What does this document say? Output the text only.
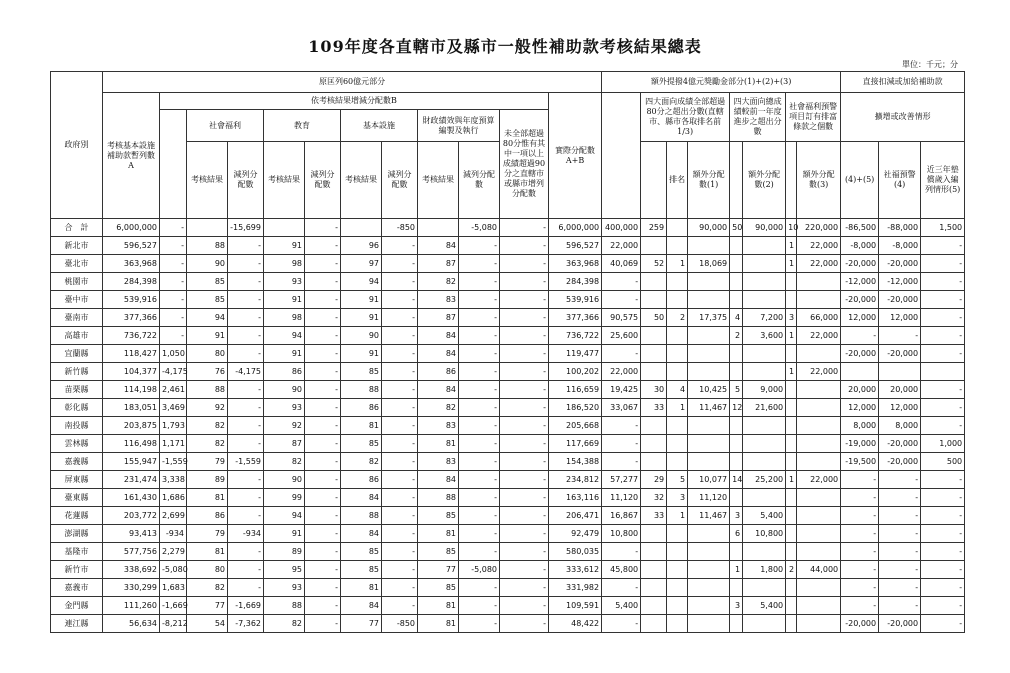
109年度各直轄市及縣市一般性補助款考核結果總表
單位：千元；分
政府別	原匡列60億元部分												額外提撥4億元獎勵金部分(1)+(2)+(3)								直接扣減或加給補助款		
	考核基本設施補助款暫列數A	依考核結果增減分配數B										實際分配數A+B		四大面向成績全部超過80分之超出分數(直轄市、縣市各取排名前1/3)			四大面向總成績較前一年度進步之超出分數		社會福利預警項目訂有排富條款之個數		擴增或改善情形		
			社會福利		教育		基本設施		財政績效與年度預算編製及執行		未全部超過80分惟有其中一項以上成績超過90分之直轄市或縣市增列分配數												
			考核結果	減列分配數	考核結果	減列分配數	考核結果	減列分配數	考核結果	減列分配數					排名	額外分配數(1)		額外分配數(2)		額外分配數(3)	(4)+(5)	社福預警(4)	近三年墊償歲入編列情形(5)
合　計	6,000,000	-		-15,699		-		-850		-5,080	-	6,000,000	400,000	259		90,000	50	90,000	10	220,000	-86,500	-88,000	1,500
新北市	596,527	-	88	-	91	-	96	-	84	-	-	596,527	22,000						1	22,000	-8,000	-8,000	-
臺北市	363,968	-	90	-	98	-	97	-	87	-	-	363,968	40,069	52	1	18,069			1	22,000	-20,000	-20,000	-
桃園市	284,398	-	85	-	93	-	94	-	82	-	-	284,398	-								-12,000	-12,000	-
臺中市	539,916	-	85	-	91	-	91	-	83	-	-	539,916	-								-20,000	-20,000	-
臺南市	377,366	-	94	-	98	-	91	-	87	-	-	377,366	90,575	50	2	17,375	4	7,200	3	66,000	12,000	12,000	-
高雄市	736,722	-	91	-	94	-	90	-	84	-	-	736,722	25,600				2	3,600	1	22,000	-	-	-
宜蘭縣	118,427	1,050	80	-	91	-	91	-	84	-	-	119,477	-								-20,000	-20,000	-
新竹縣	104,377	-4,175	76	-4,175	86	-	85	-	86	-	-	100,202	22,000						1	22,000			
苗栗縣	114,198	2,461	88	-	90	-	88	-	84	-	-	116,659	19,425	30	4	10,425	5	9,000			20,000	20,000	-
彰化縣	183,051	3,469	92	-	93	-	86	-	82	-	-	186,520	33,067	33	1	11,467	12	21,600			12,000	12,000	-
南投縣	203,875	1,793	82	-	92	-	81	-	83	-	-	205,668	-								8,000	8,000	-
雲林縣	116,498	1,171	82	-	87	-	85	-	81	-	-	117,669	-								-19,000	-20,000	1,000
嘉義縣	155,947	-1,559	79	-1,559	82	-	82	-	83	-	-	154,388	-								-19,500	-20,000	500
屏東縣	231,474	3,338	89	-	90	-	86	-	84	-	-	234,812	57,277	29	5	10,077	14	25,200	1	22,000	-	-	-
臺東縣	161,430	1,686	81	-	99	-	84	-	88	-	-	163,116	11,120	32	3	11,120					-	-	-
花蓮縣	203,772	2,699	86	-	94	-	88	-	85	-	-	206,471	16,867	33	1	11,467	3	5,400			-	-	-
澎湖縣	93,413	-934	79	-934	91	-	84	-	81	-	-	92,479	10,800				6	10,800			-	-	-
基隆市	577,756	2,279	81	-	89	-	85	-	85	-	-	580,035	-								-	-	-
新竹市	338,692	-5,080	80	-	95	-	85	-	77	-5,080	-	333,612	45,800				1	1,800	2	44,000	-	-	-
嘉義市	330,299	1,683	82	-	93	-	81	-	85	-	-	331,982	-								-	-	-
金門縣	111,260	-1,669	77	-1,669	88	-	84	-	81	-	-	109,591	5,400				3	5,400			-	-	-
連江縣	56,634	-8,212	54	-7,362	82	-	77	-850	81	-	-	48,422	-								-20,000	-20,000	-
